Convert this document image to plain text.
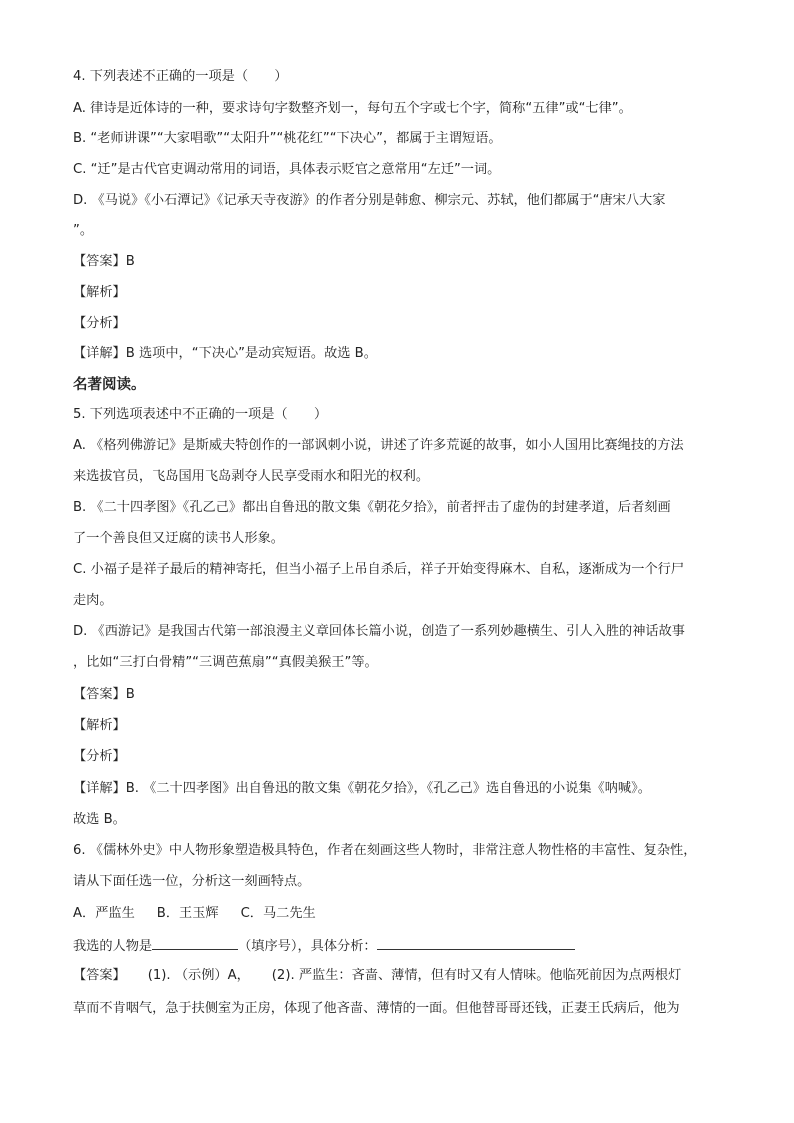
4. 下列表述不正确的一项是（　　）
A. 律诗是近体诗的一种，要求诗句字数整齐划一，每句五个字或七个字，简称“五律”或“七律”。
B. “老师讲课”“大家唱歌”“太阳升”“桃花红”“下决心”，都属于主谓短语。
C. “迁”是古代官吏调动常用的词语，具体表示贬官之意常用“左迁”一词。
D. 《马说》《小石潭记》《记承天寺夜游》的作者分别是韩愈、柳宗元、苏轼，他们都属于“唐宋八大家
”。
【答案】B
【解析】
【分析】
【详解】B 选项中，“下决心”是动宾短语。故选 B。
名著阅读。
5. 下列选项表述中不正确的一项是（　　）
A. 《格列佛游记》是斯威夫特创作的一部讽刺小说，讲述了许多荒诞的故事，如小人国用比赛绳技的方法
来选拔官员，飞岛国用飞岛剥夺人民享受雨水和阳光的权利。
B. 《二十四孝图》《孔乙己》都出自鲁迅的散文集《朝花夕拾》，前者抨击了虚伪的封建孝道，后者刻画
了一个善良但又迂腐的读书人形象。
C. 小福子是祥子最后的精神寄托，但当小福子上吊自杀后，祥子开始变得麻木、自私，逐渐成为一个行尸
走肉。
D. 《西游记》是我国古代第一部浪漫主义章回体长篇小说，创造了一系列妙趣横生、引人入胜的神话故事
，比如“三打白骨精”“三调芭蕉扇”“真假美猴王”等。
【答案】B
【解析】
【分析】
【详解】B. 《二十四孝图》出自鲁迅的散文集《朝花夕拾》，《孔乙己》选自鲁迅的小说集《呐喊》。
故选 B。
6. 《儒林外史》中人物形象塑造极具特色，作者在刻画这些人物时，非常注意人物性格的丰富性、复杂性，
请从下面任选一位，分析这一刻画特点。
A．严监生 B．王玉辉 C．马二先生
我选的人物是	（填序号），具体分析：
【答案】 (1). （示例）A， (2). 严监生：吝啬、薄情，但有时又有人情味。他临死前因为点两根灯
草而不肯咽气，急于扶侧室为正房，体现了他吝啬、薄情的一面。但他替哥哥还钱，正妻王氏病后，他为
